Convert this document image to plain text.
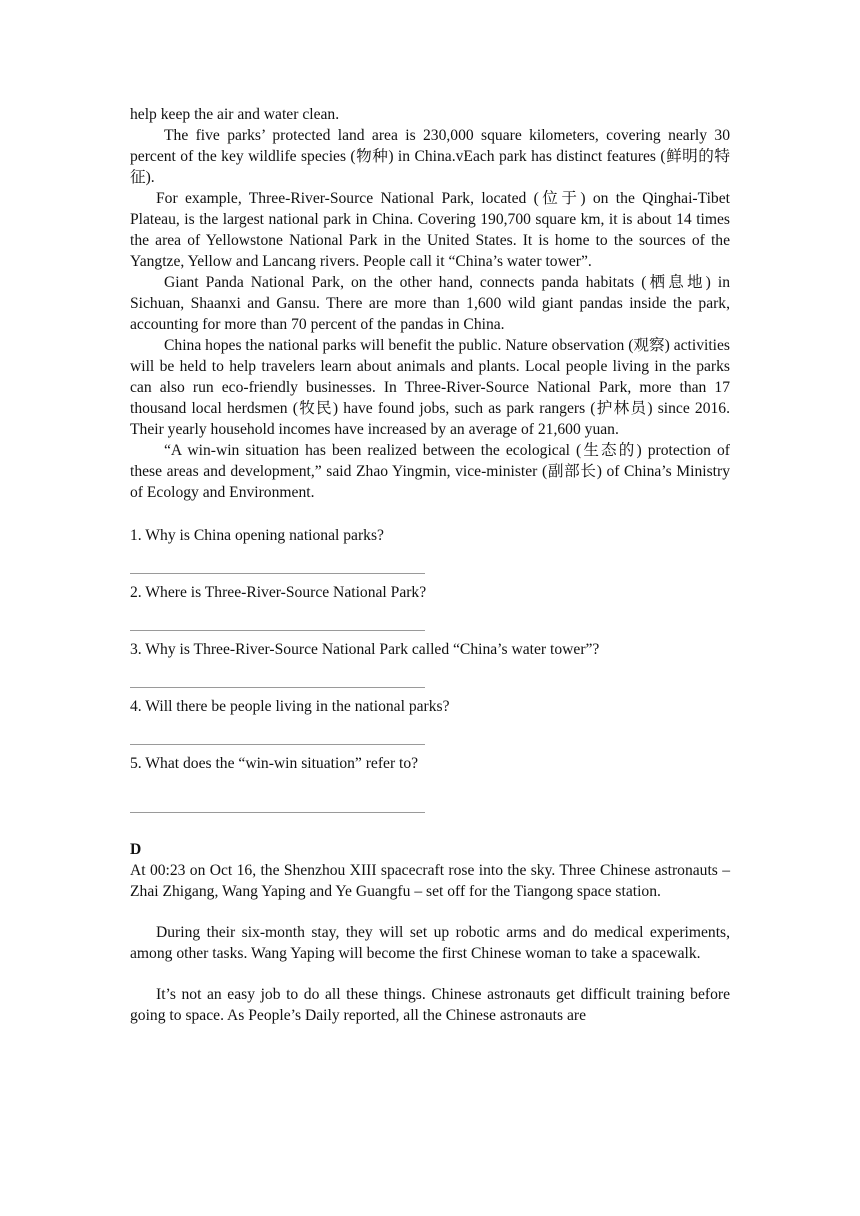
help keep the air and water clean.

The five parks’ protected land area is 230,000 square kilometers, covering nearly 30 percent of the key wildlife species (物种) in China.vEach park has distinct features (鲜明的特征).

For example, Three-River-Source National Park, located (位于) on the Qinghai-Tibet Plateau, is the largest national park in China. Covering 190,700 square km, it is about 14 times the area of Yellowstone National Park in the United States. It is home to the sources of the Yangtze, Yellow and Lancang rivers. People call it “China’s water tower”.

Giant Panda National Park, on the other hand, connects panda habitats (栖息地) in Sichuan, Shaanxi and Gansu. There are more than 1,600 wild giant pandas inside the park, accounting for more than 70 percent of the pandas in China.

China hopes the national parks will benefit the public. Nature observation (观察) activities will be held to help travelers learn about animals and plants. Local people living in the parks can also run eco-friendly businesses. In Three-River-Source National Park, more than 17 thousand local herdsmen (牧民) have found jobs, such as park rangers (护林员) since 2016. Their yearly household incomes have increased by an average of 21,600 yuan.

“A win-win situation has been realized between the ecological (生态的) protection of these areas and development,” said Zhao Yingmin, vice-minister (副部长) of China’s Ministry of Ecology and Environment.

1. Why is China opening national parks?

2. Where is Three-River-Source National Park?

3. Why is Three-River-Source National Park called “China’s water tower”?

4. Will there be people living in the national parks?

5. What does the “win-win situation” refer to?

D

At 00:23 on Oct 16, the Shenzhou XIII spacecraft rose into the sky. Three Chinese astronauts – Zhai Zhigang, Wang Yaping and Ye Guangfu – set off for the Tiangong space station.

During their six-month stay, they will set up robotic arms and do medical experiments, among other tasks. Wang Yaping will become the first Chinese woman to take a spacewalk.

It’s not an easy job to do all these things. Chinese astronauts get difficult training before going to space. As People’s Daily reported, all the Chinese astronauts are
